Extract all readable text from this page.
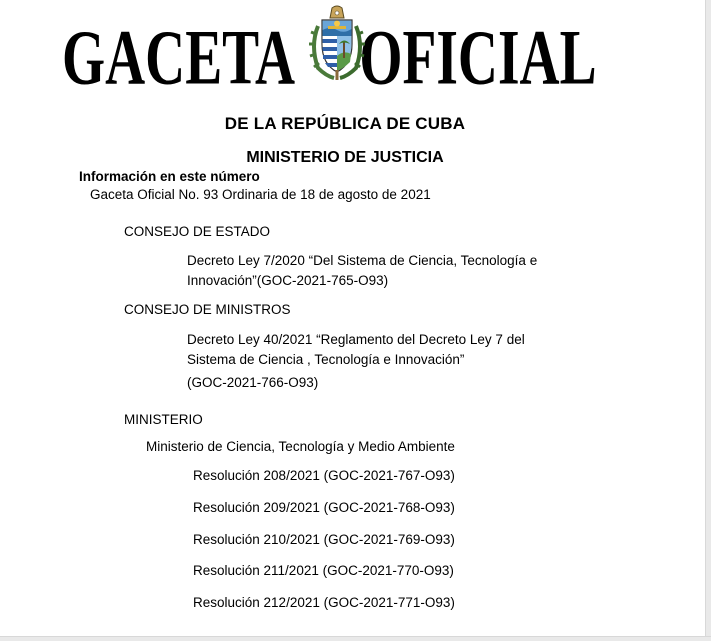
GACETA OFICIAL
DE LA REPÚBLICA DE CUBA
MINISTERIO DE JUSTICIA
Información en este número
Gaceta Oficial No. 93 Ordinaria de 18 de agosto de 2021
CONSEJO DE ESTADO
Decreto Ley 7/2020 “Del Sistema de Ciencia, Tecnología e
Innovación”(GOC-2021-765-O93)
CONSEJO DE MINISTROS
Decreto Ley 40/2021 “Reglamento del Decreto Ley 7 del
Sistema de Ciencia , Tecnología e Innovación”
(GOC-2021-766-O93)
MINISTERIO
Ministerio de Ciencia, Tecnología y Medio Ambiente
Resolución 208/2021 (GOC-2021-767-O93)
Resolución 209/2021 (GOC-2021-768-O93)
Resolución 210/2021 (GOC-2021-769-O93)
Resolución 211/2021 (GOC-2021-770-O93)
Resolución 212/2021 (GOC-2021-771-O93)
